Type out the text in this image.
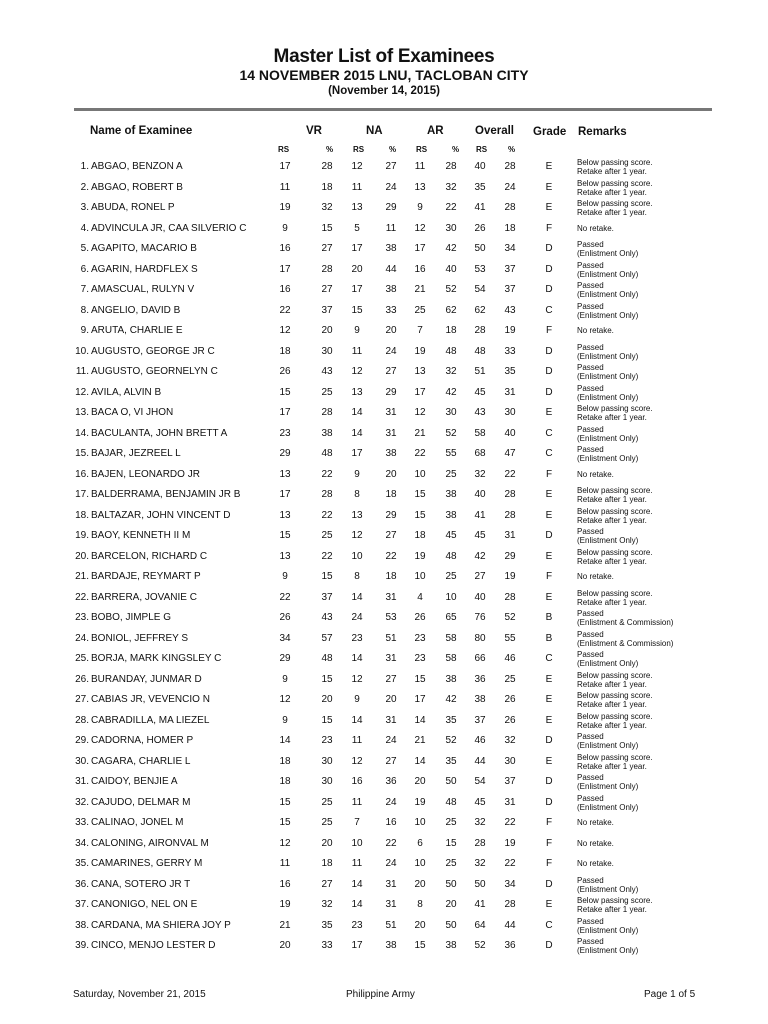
Master List of Examinees
14 NOVEMBER 2015 LNU, TACLOBAN CITY
(November 14, 2015)
Name of Examinee	VR	NA	AR	Overall Grade Remarks
RS	% RS	% RS	% RS	%
1. ABGAO, BENZON A	17	28	12	27	11	28	40	28	E	Below passing score.
Retake after 1 year.
2. ABGAO, ROBERT B	11	18	11	24	13	32	35	24	E	Below passing score.
Retake after 1 year.
3. ABUDA, RONEL P	19	32	13	29	9	22	41	28	E	Below passing score.
Retake after 1 year.
4. ADVINCULA JR, CAA SILVERIO C	9	15	5	11	12	30	26	18	F	No retake.
5. AGAPITO, MACARIO B	16	27	17	38	17	42	50	34	D	Passed
(Enlistment Only)
6. AGARIN, HARDFLEX S	17	28	20	44	16	40	53	37	D	Passed
(Enlistment Only)
7. AMASCUAL, RULYN V	16	27	17	38	21	52	54	37	D	Passed
(Enlistment Only)
8. ANGELIO, DAVID B	22	37	15	33	25	62	62	43	C	Passed
(Enlistment Only)
9. ARUTA, CHARLIE E	12	20	9	20	7	18	28	19	F	No retake.
10. AUGUSTO, GEORGE JR C	18	30	11	24	19	48	48	33	D	Passed
(Enlistment Only)
11. AUGUSTO, GEORNELYN C	26	43	12	27	13	32	51	35	D	Passed
(Enlistment Only)
12. AVILA, ALVIN B	15	25	13	29	17	42	45	31	D	Passed
(Enlistment Only)
13. BACA O, VI JHON	17	28	14	31	12	30	43	30	E	Below passing score.
Retake after 1 year.
14. BACULANTA, JOHN BRETT A	23	38	14	31	21	52	58	40	C	Passed
(Enlistment Only)
15. BAJAR, JEZREEL L	29	48	17	38	22	55	68	47	C	Passed
(Enlistment Only)
16. BAJEN, LEONARDO JR	13	22	9	20	10	25	32	22	F	No retake.
17. BALDERRAMA, BENJAMIN JR B	17	28	8	18	15	38	40	28	E	Below passing score.
Retake after 1 year.
18. BALTAZAR, JOHN VINCENT D	13	22	13	29	15	38	41	28	E	Below passing score.
Retake after 1 year.
19. BAOY, KENNETH II M	15	25	12	27	18	45	45	31	D	Passed
(Enlistment Only)
20. BARCELON, RICHARD C	13	22	10	22	19	48	42	29	E	Below passing score.
Retake after 1 year.
21. BARDAJE, REYMART P	9	15	8	18	10	25	27	19	F	No retake.
22. BARRERA, JOVANIE C	22	37	14	31	4	10	40	28	E	Below passing score.
Retake after 1 year.
23. BOBO, JIMPLE G	26	43	24	53	26	65	76	52	B	Passed
(Enlistment & Commission)
24. BONIOL, JEFFREY S	34	57	23	51	23	58	80	55	B	Passed
(Enlistment & Commission)
25. BORJA, MARK KINGSLEY C	29	48	14	31	23	58	66	46	C	Passed
(Enlistment Only)
26. BURANDAY, JUNMAR D	9	15	12	27	15	38	36	25	E	Below passing score.
Retake after 1 year.
27. CABIAS JR, VEVENCIO N	12	20	9	20	17	42	38	26	E	Below passing score.
Retake after 1 year.
28. CABRADILLA, MA LIEZEL	9	15	14	31	14	35	37	26	E	Below passing score.
Retake after 1 year.
29. CADORNA, HOMER P	14	23	11	24	21	52	46	32	D	Passed
(Enlistment Only)
30. CAGARA, CHARLIE L	18	30	12	27	14	35	44	30	E	Below passing score.
Retake after 1 year.
31. CAIDOY, BENJIE A	18	30	16	36	20	50	54	37	D	Passed
(Enlistment Only)
32. CAJUDO, DELMAR M	15	25	11	24	19	48	45	31	D	Passed
(Enlistment Only)
33. CALINAO, JONEL M	15	25	7	16	10	25	32	22	F	No retake.
34. CALONING, AIRONVAL M	12	20	10	22	6	15	28	19	F	No retake.
35. CAMARINES, GERRY M	11	18	11	24	10	25	32	22	F	No retake.
36. CANA, SOTERO JR T	16	27	14	31	20	50	50	34	D	Passed
(Enlistment Only)
37. CANONIGO, NEL ON E	19	32	14	31	8	20	41	28	E	Below passing score.
Retake after 1 year.
38. CARDANA, MA SHIERA JOY P	21	35	23	51	20	50	64	44	C	Passed
(Enlistment Only)
39. CINCO, MENJO LESTER D	20	33	17	38	15	38	52	36	D	Passed
(Enlistment Only)
Saturday, November 21, 2015	Philippine Army	Page 1 of 5
